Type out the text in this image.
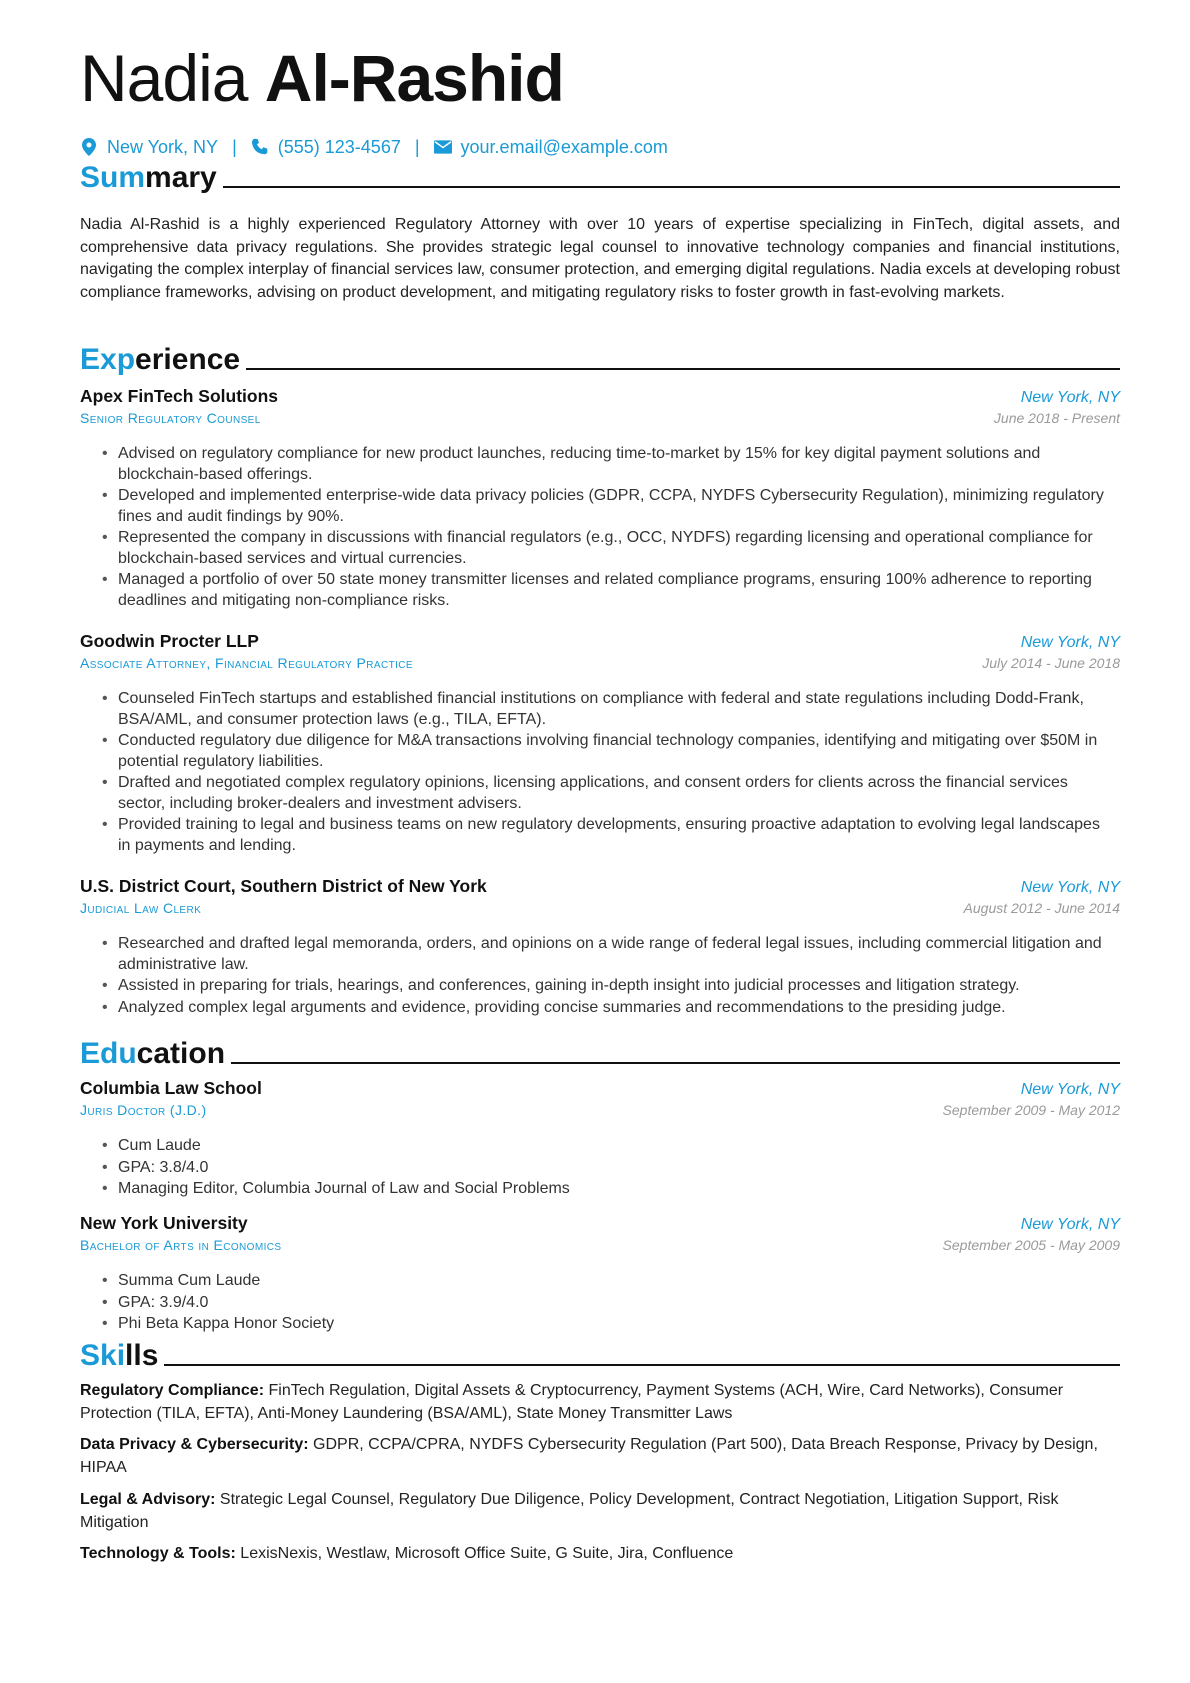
Nadia Al-Rashid
New York, NY | (555) 123-4567 | your.email@example.com
Summary

Nadia Al-Rashid is a highly experienced Regulatory Attorney with over 10 years of expertise specializing in FinTech, digital assets, and comprehensive data privacy regulations. She provides strategic legal counsel to innovative technology companies and financial institutions, navigating the complex interplay of financial services law, consumer protection, and emerging digital regulations. Nadia excels at developing robust compliance frameworks, advising on product development, and mitigating regulatory risks to foster growth in fast-evolving markets.

Experience
Apex FinTech Solutions	New York, NY
Senior Regulatory Counsel	June 2018 - Present
• Advised on regulatory compliance for new product launches, reducing time-to-market by 15% for key digital payment solutions and blockchain-based offerings.
• Developed and implemented enterprise-wide data privacy policies (GDPR, CCPA, NYDFS Cybersecurity Regulation), minimizing regulatory fines and audit findings by 90%.
• Represented the company in discussions with financial regulators (e.g., OCC, NYDFS) regarding licensing and operational compliance for blockchain-based services and virtual currencies.
• Managed a portfolio of over 50 state money transmitter licenses and related compliance programs, ensuring 100% adherence to reporting deadlines and mitigating non-compliance risks.
Goodwin Procter LLP	New York, NY
Associate Attorney, Financial Regulatory Practice	July 2014 - June 2018
• Counseled FinTech startups and established financial institutions on compliance with federal and state regulations including Dodd-Frank, BSA/AML, and consumer protection laws (e.g., TILA, EFTA).
• Conducted regulatory due diligence for M&A transactions involving financial technology companies, identifying and mitigating over $50M in potential regulatory liabilities.
• Drafted and negotiated complex regulatory opinions, licensing applications, and consent orders for clients across the financial services sector, including broker-dealers and investment advisers.
• Provided training to legal and business teams on new regulatory developments, ensuring proactive adaptation to evolving legal landscapes in payments and lending.
U.S. District Court, Southern District of New York	New York, NY
Judicial Law Clerk	August 2012 - June 2014
• Researched and drafted legal memoranda, orders, and opinions on a wide range of federal legal issues, including commercial litigation and administrative law.
• Assisted in preparing for trials, hearings, and conferences, gaining in-depth insight into judicial processes and litigation strategy.
• Analyzed complex legal arguments and evidence, providing concise summaries and recommendations to the presiding judge.
Education
Columbia Law School	New York, NY
Juris Doctor (J.D.)	September 2009 - May 2012
• Cum Laude
• GPA: 3.8/4.0
• Managing Editor, Columbia Journal of Law and Social Problems
New York University	New York, NY
Bachelor of Arts in Economics	September 2005 - May 2009
• Summa Cum Laude
• GPA: 3.9/4.0
• Phi Beta Kappa Honor Society
Skills
Regulatory Compliance: FinTech Regulation, Digital Assets & Cryptocurrency, Payment Systems (ACH, Wire, Card Networks), Consumer Protection (TILA, EFTA), Anti-Money Laundering (BSA/AML), State Money Transmitter Laws
Data Privacy & Cybersecurity: GDPR, CCPA/CPRA, NYDFS Cybersecurity Regulation (Part 500), Data Breach Response, Privacy by Design, HIPAA
Legal & Advisory: Strategic Legal Counsel, Regulatory Due Diligence, Policy Development, Contract Negotiation, Litigation Support, Risk Mitigation
Technology & Tools: LexisNexis, Westlaw, Microsoft Office Suite, G Suite, Jira, Confluence
